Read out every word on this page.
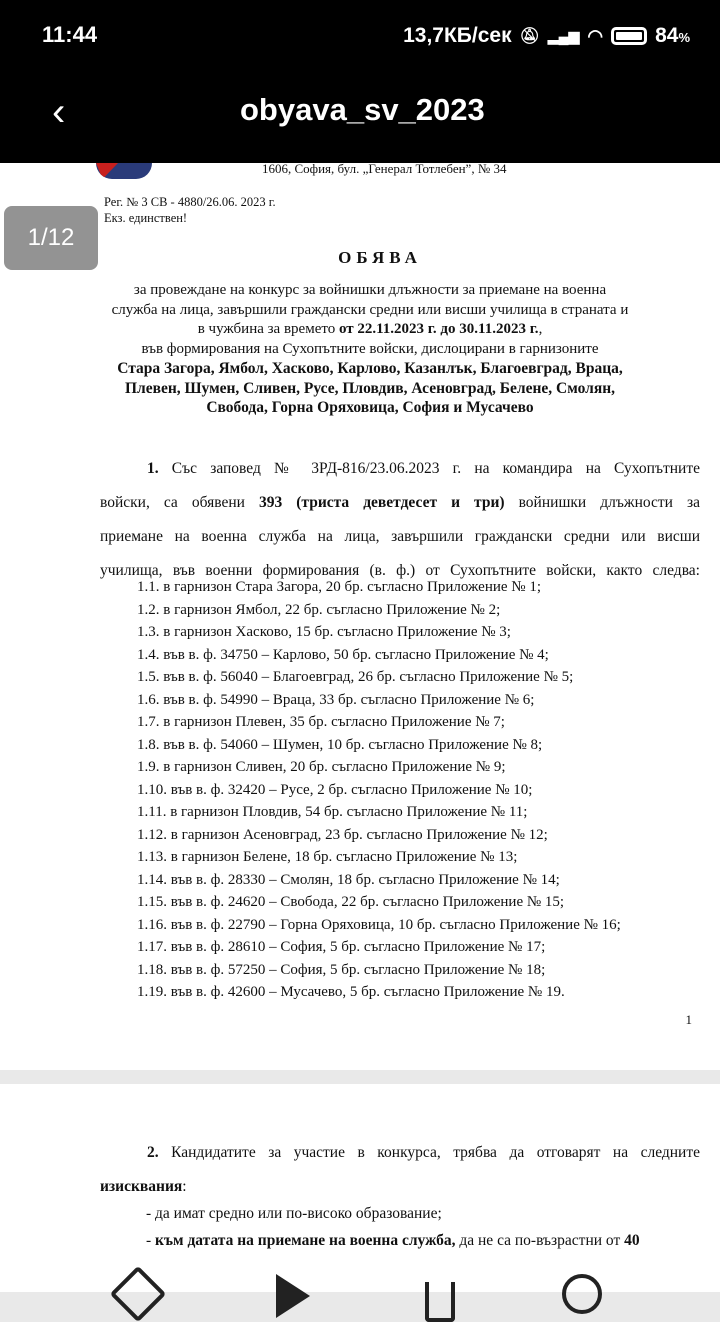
11:44	13,7КБ/сек 🔕︎ ▂▄▆ ◠ 84%
‹	obyava_sv_2023
1606, София, бул. „Генерал Тотлебен”, № 34
Рег. № 3 СВ - 4880/26.06. 2023 г.
Екз. единствен!
ОБЯВА
за провеждане на конкурс за войнишки длъжности за приемане на военна
служба на лица, завършили граждански средни или висши училища в страната и
в чужбина за времето от 22.11.2023 г. до 30.11.2023 г.,
във формирования на Сухопътните войски, дислоцирани в гарнизоните
Стара Загора, Ямбол, Хасково, Карлово, Казанлък, Благоевград, Враца,
Плевен, Шумен, Сливен, Русе, Пловдив, Асеновград, Белене, Смолян,
Свобода, Горна Оряховица, София и Мусачево
1. Със заповед № 3РД-816/23.06.2023 г. на командира на Сухопътните
войски, са обявени 393 (триста деветдесет и три) войнишки длъжности за
приемане на военна служба на лица, завършили граждански средни или висши
училища, във военни формирования (в. ф.) от Сухопътните войски, както следва:
1.1. в гарнизон Стара Загора, 20 бр. съгласно Приложение № 1;
1.2. в гарнизон Ямбол, 22 бр. съгласно Приложение № 2;
1.3. в гарнизон Хасково, 15 бр. съгласно Приложение № 3;
1.4. във в. ф. 34750 – Карлово, 50 бр. съгласно Приложение № 4;
1.5. във в. ф. 56040 – Благоевград, 26 бр. съгласно Приложение № 5;
1.6. във в. ф. 54990 – Враца, 33 бр. съгласно Приложение № 6;
1.7. в гарнизон Плевен, 35 бр. съгласно Приложение № 7;
1.8. във в. ф. 54060 – Шумен, 10 бр. съгласно Приложение № 8;
1.9. в гарнизон Сливен, 20 бр. съгласно Приложение № 9;
1.10. във в. ф. 32420 – Русе, 2 бр. съгласно Приложение № 10;
1.11. в гарнизон Пловдив, 54 бр. съгласно Приложение № 11;
1.12. в гарнизон Асеновград, 23 бр. съгласно Приложение № 12;
1.13. в гарнизон Белене, 18 бр. съгласно Приложение № 13;
1.14. във в. ф. 28330 – Смолян, 18 бр. съгласно Приложение № 14;
1.15. във в. ф. 24620 – Свобода, 22 бр. съгласно Приложение № 15;
1.16. във в. ф. 22790 – Горна Оряховица, 10 бр. съгласно Приложение № 16;
1.17. във в. ф. 28610 – София, 5 бр. съгласно Приложение № 17;
1.18. във в. ф. 57250 – София, 5 бр. съгласно Приложение № 18;
1.19. във в. ф. 42600 – Мусачево, 5 бр. съгласно Приложение № 19.
1
2. Кандидатите за участие в конкурса, трябва да отговарят на следните
изисквания:
- да имат средно или по-високо образование;
- към датата на приемане на военна служба, да не са по-възрастни от 40
1/12
